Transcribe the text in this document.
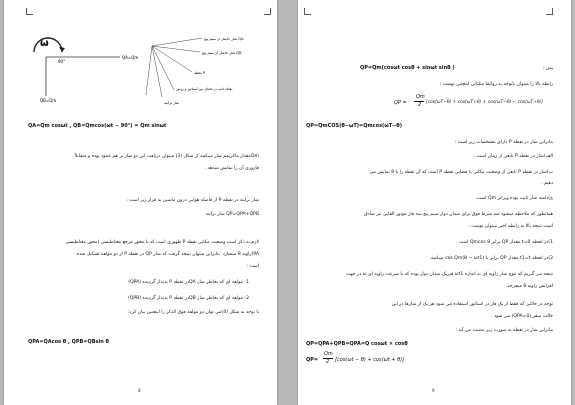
ω
90°
QA=Qm
QB=Qm
شار حاصل از سیم پیچ QA
شار حاصل از سیم پیچ QB
نقطه P
شار برایند
نقطه ثابت در فضای بین استاتور و روتور
QA=Qm cosωt , QB=Qmcos(ωt − 90°) = Qm sinωt
Qmمقدار ماکزیمم شار میباشد از شکل (3) میتوان دریافت این دو شار بر هم عمود بوده و متقابلاً
فازوری آن را نمایش میدهد .
شار برایند در نقطه P از فاصله هوایی درون ماشین به قرار زیر است :
QP=QPA+QPB شار برایند
لازم به ذکر است وضعیت مکانی نقطه P ظهوری است که با محور مرجع مغناطیسی (محور مغناطیسی
PA)زاویه θ میسازد. بنابراین میتوان نتیجه گرفت که شار QP در نقطه P از دو مولفه تشکیل شده
است :
1- مولفه ای که بخاطر شار QAدر نقطه P پدیدار گردیده (QPA)
2- مولفه ای که بخاطر شار QBدر نقطه P پدیدار گردیده (QPB)
با توجه به شکل (4)می توان دو مولفه فوق الذکر را اینچنین بیان کرد:
QPA=QAcos θ , QPB=QBsin θ
8
پس :
QP=Qm(cosωt cosθ + sinωt sinθ )
رابطه بالا را میتوان باتوجه به روابط مثلثاتی اینچنین نوشت :
QP =
Qm
2 [cos(ωT−θ) + cos(ωT+θ) + cos(ωT−θ) − cos(ωT+θ)]
QP=QmCOS(θ−ωT)=Qmcos(ωT−θ)
بنابراین شار در نقطه P دارای مشخصات زیر است :
الف)شار در نقطه P تابعی از زمان است .
ب)شار در نقطه P تابعی از وضعیت مکانی یا فضایی نقطه P است که آن نقطه را با θ نمایش می
دهیم .
ج)دامنه شار ثابت بوده وبرابر Qm است.
همانطور که ملاحظه میشود سه شرط فوق برای میدان دوار سیم پیچ سه فاز موتور القایی نیز صادق
است.نتیجه بالا به رابطه اخیر میتوان نوشت :
1)در لحظه 0=t مقدار QP برابر Qmcos θ است .
2)در لحظه t1=t مقدار QP برابر با (θ − ωt1)cos Qm میباشد.
نتیجه می گیریم که موج شار زاویه ای به اندازه ωt1 فیزیک میدان دوار بوده که با سرعت زاویه ای ω در جهت
افزایش زاویه θ میچرخد.
توجه در حالتی که فقط از یک فاز در استاتور استفاده می شود هر یک از شارها در این
حالت صفر (QPA=0) می شود .
بنابراین شار در نقطه به صورت زیر بدست می آید :
QP=QPA+QPB=QPA=Q cosωt × cosθ
QP=
Qm
2 [cos(ωt − θ) + cos(ωt + θ)]
9
